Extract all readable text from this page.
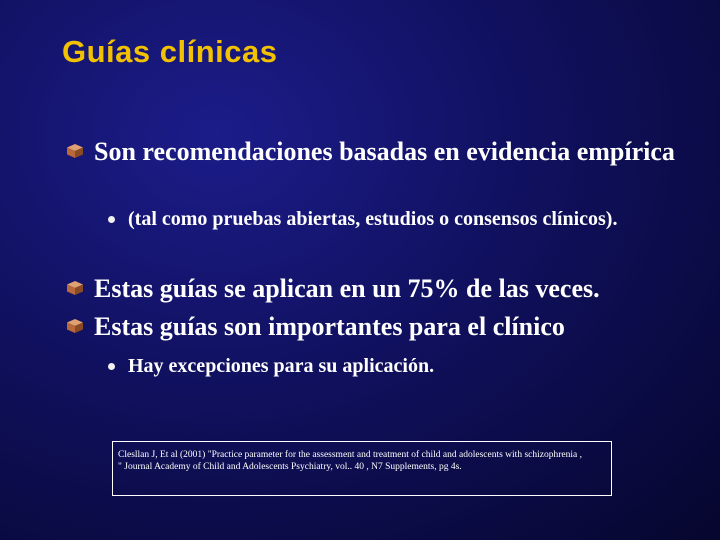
Guías clínicas
Son recomendaciones basadas en evidencia empírica
(tal como pruebas abiertas, estudios o consensos clínicos).
Estas guías se aplican en un 75% de las veces.
Estas guías son importantes para el clínico
Hay excepciones para su aplicación.
Clesllan J, Et al (2001) "Practice parameter for the assessment and treatment of child and adolescents with schizophrenia ,
" Journal Academy of Child and Adolescents Psychiatry, vol.. 40 , N7 Supplements, pg 4s.
